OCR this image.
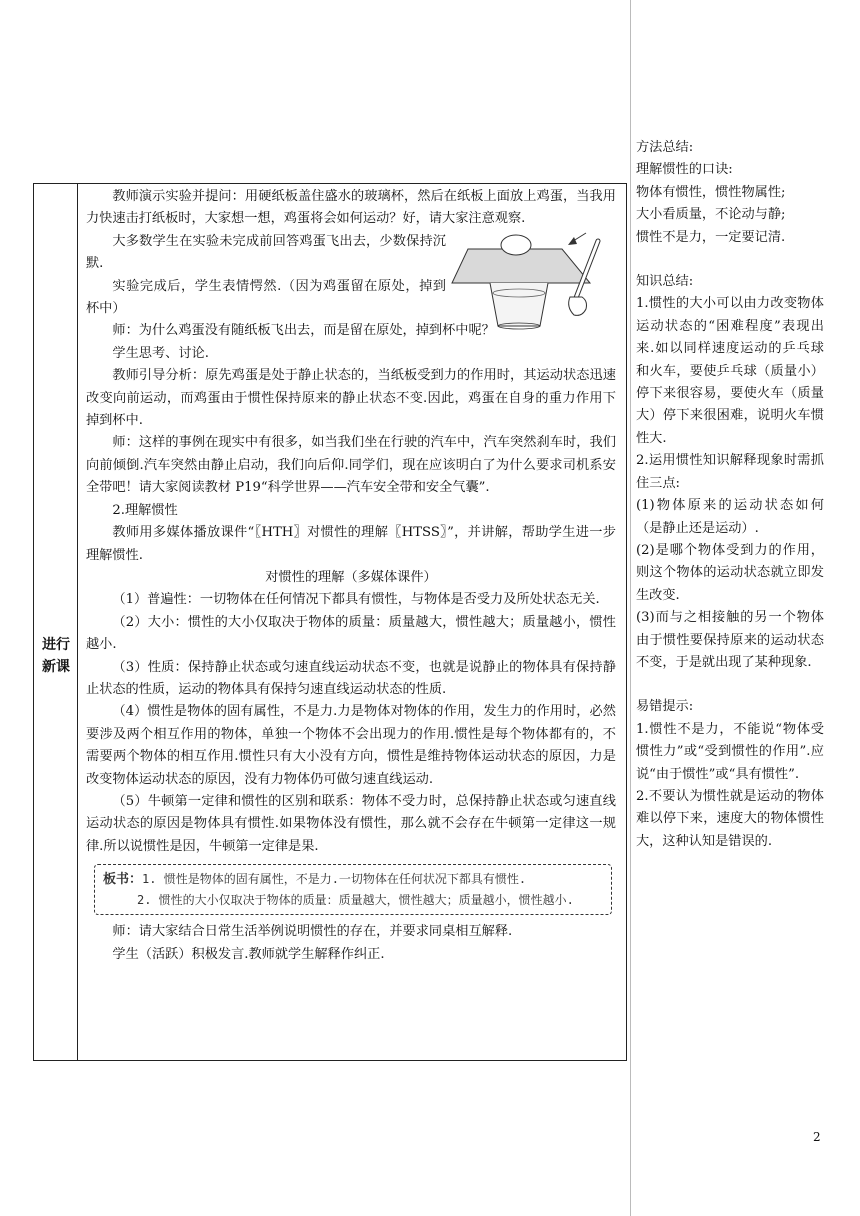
进行
新课

教师演示实验并提问：用硬纸板盖住盛水的玻璃杯，然后在纸板上面放上鸡蛋，当我用力快速击打纸板时，大家想一想，鸡蛋将会如何运动？好，请大家注意观察.

大多数学生在实验未完成前回答鸡蛋飞出去，少数保持沉默.

实验完成后，学生表情愕然.（因为鸡蛋留在原处，掉到杯中）

师：为什么鸡蛋没有随纸板飞出去，而是留在原处，掉到杯中呢？

学生思考、讨论.

教师引导分析：原先鸡蛋是处于静止状态的，当纸板受到力的作用时，其运动状态迅速改变向前运动，而鸡蛋由于惯性保持原来的静止状态不变.因此，鸡蛋在自身的重力作用下掉到杯中.

师：这样的事例在现实中有很多，如当我们坐在行驶的汽车中，汽车突然刹车时，我们向前倾倒.汽车突然由静止启动，我们向后仰.同学们，现在应该明白了为什么要求司机系安全带吧！请大家阅读教材 P19“科学世界——汽车安全带和安全气囊”.

2.理解惯性

教师用多媒体播放课件“〖HTH〗对惯性的理解〖HTSS〗”，并讲解，帮助学生进一步理解惯性.

对惯性的理解（多媒体课件）

（1）普遍性：一切物体在任何情况下都具有惯性，与物体是否受力及所处状态无关.

（2）大小：惯性的大小仅取决于物体的质量：质量越大，惯性越大；质量越小，惯性越小.

（3）性质：保持静止状态或匀速直线运动状态不变，也就是说静止的物体具有保持静止状态的性质，运动的物体具有保持匀速直线运动状态的性质.

（4）惯性是物体的固有属性，不是力.力是物体对物体的作用，发生力的作用时，必然要涉及两个相互作用的物体，单独一个物体不会出现力的作用.惯性是每个物体都有的，不需要两个物体的相互作用.惯性只有大小没有方向，惯性是维持物体运动状态的原因，力是改变物体运动状态的原因，没有力物体仍可做匀速直线运动.

（5）牛顿第一定律和惯性的区别和联系：物体不受力时，总保持静止状态或匀速直线运动状态的原因是物体具有惯性.如果物体没有惯性，那么就不会存在牛顿第一定律这一规律.所以说惯性是因，牛顿第一定律是果.

板书：1. 惯性是物体的固有属性，不是力.一切物体在任何状况下都具有惯性.
2. 惯性的大小仅取决于物体的质量：质量越大，惯性越大；质量越小，惯性越小.

师：请大家结合日常生活举例说明惯性的存在，并要求同桌相互解释.

学生（活跃）积极发言.教师就学生解释作纠正.

方法总结:
理解惯性的口诀:
物体有惯性，惯性物属性;
大小看质量，不论动与静;
惯性不是力，一定要记清.
知识总结:
1.惯性的大小可以由力改变物体运动状态的“困难程度”表现出来.如以同样速度运动的乒乓球和火车，要使乒乓球（质量小）停下来很容易，要使火车（质量大）停下来很困难，说明火车惯性大.
2.运用惯性知识解释现象时需抓住三点:
(1)物体原来的运动状态如何（是静止还是运动）.
(2)是哪个物体受到力的作用，则这个物体的运动状态就立即发生改变.
(3)而与之相接触的另一个物体由于惯性要保持原来的运动状态不变，于是就出现了某种现象.
易错提示:
1.惯性不是力，不能说“物体受惯性力”或“受到惯性的作用”.应说“由于惯性”或“具有惯性”.
2.不要认为惯性就是运动的物体难以停下来，速度大的物体惯性大，这种认知是错误的.
2
